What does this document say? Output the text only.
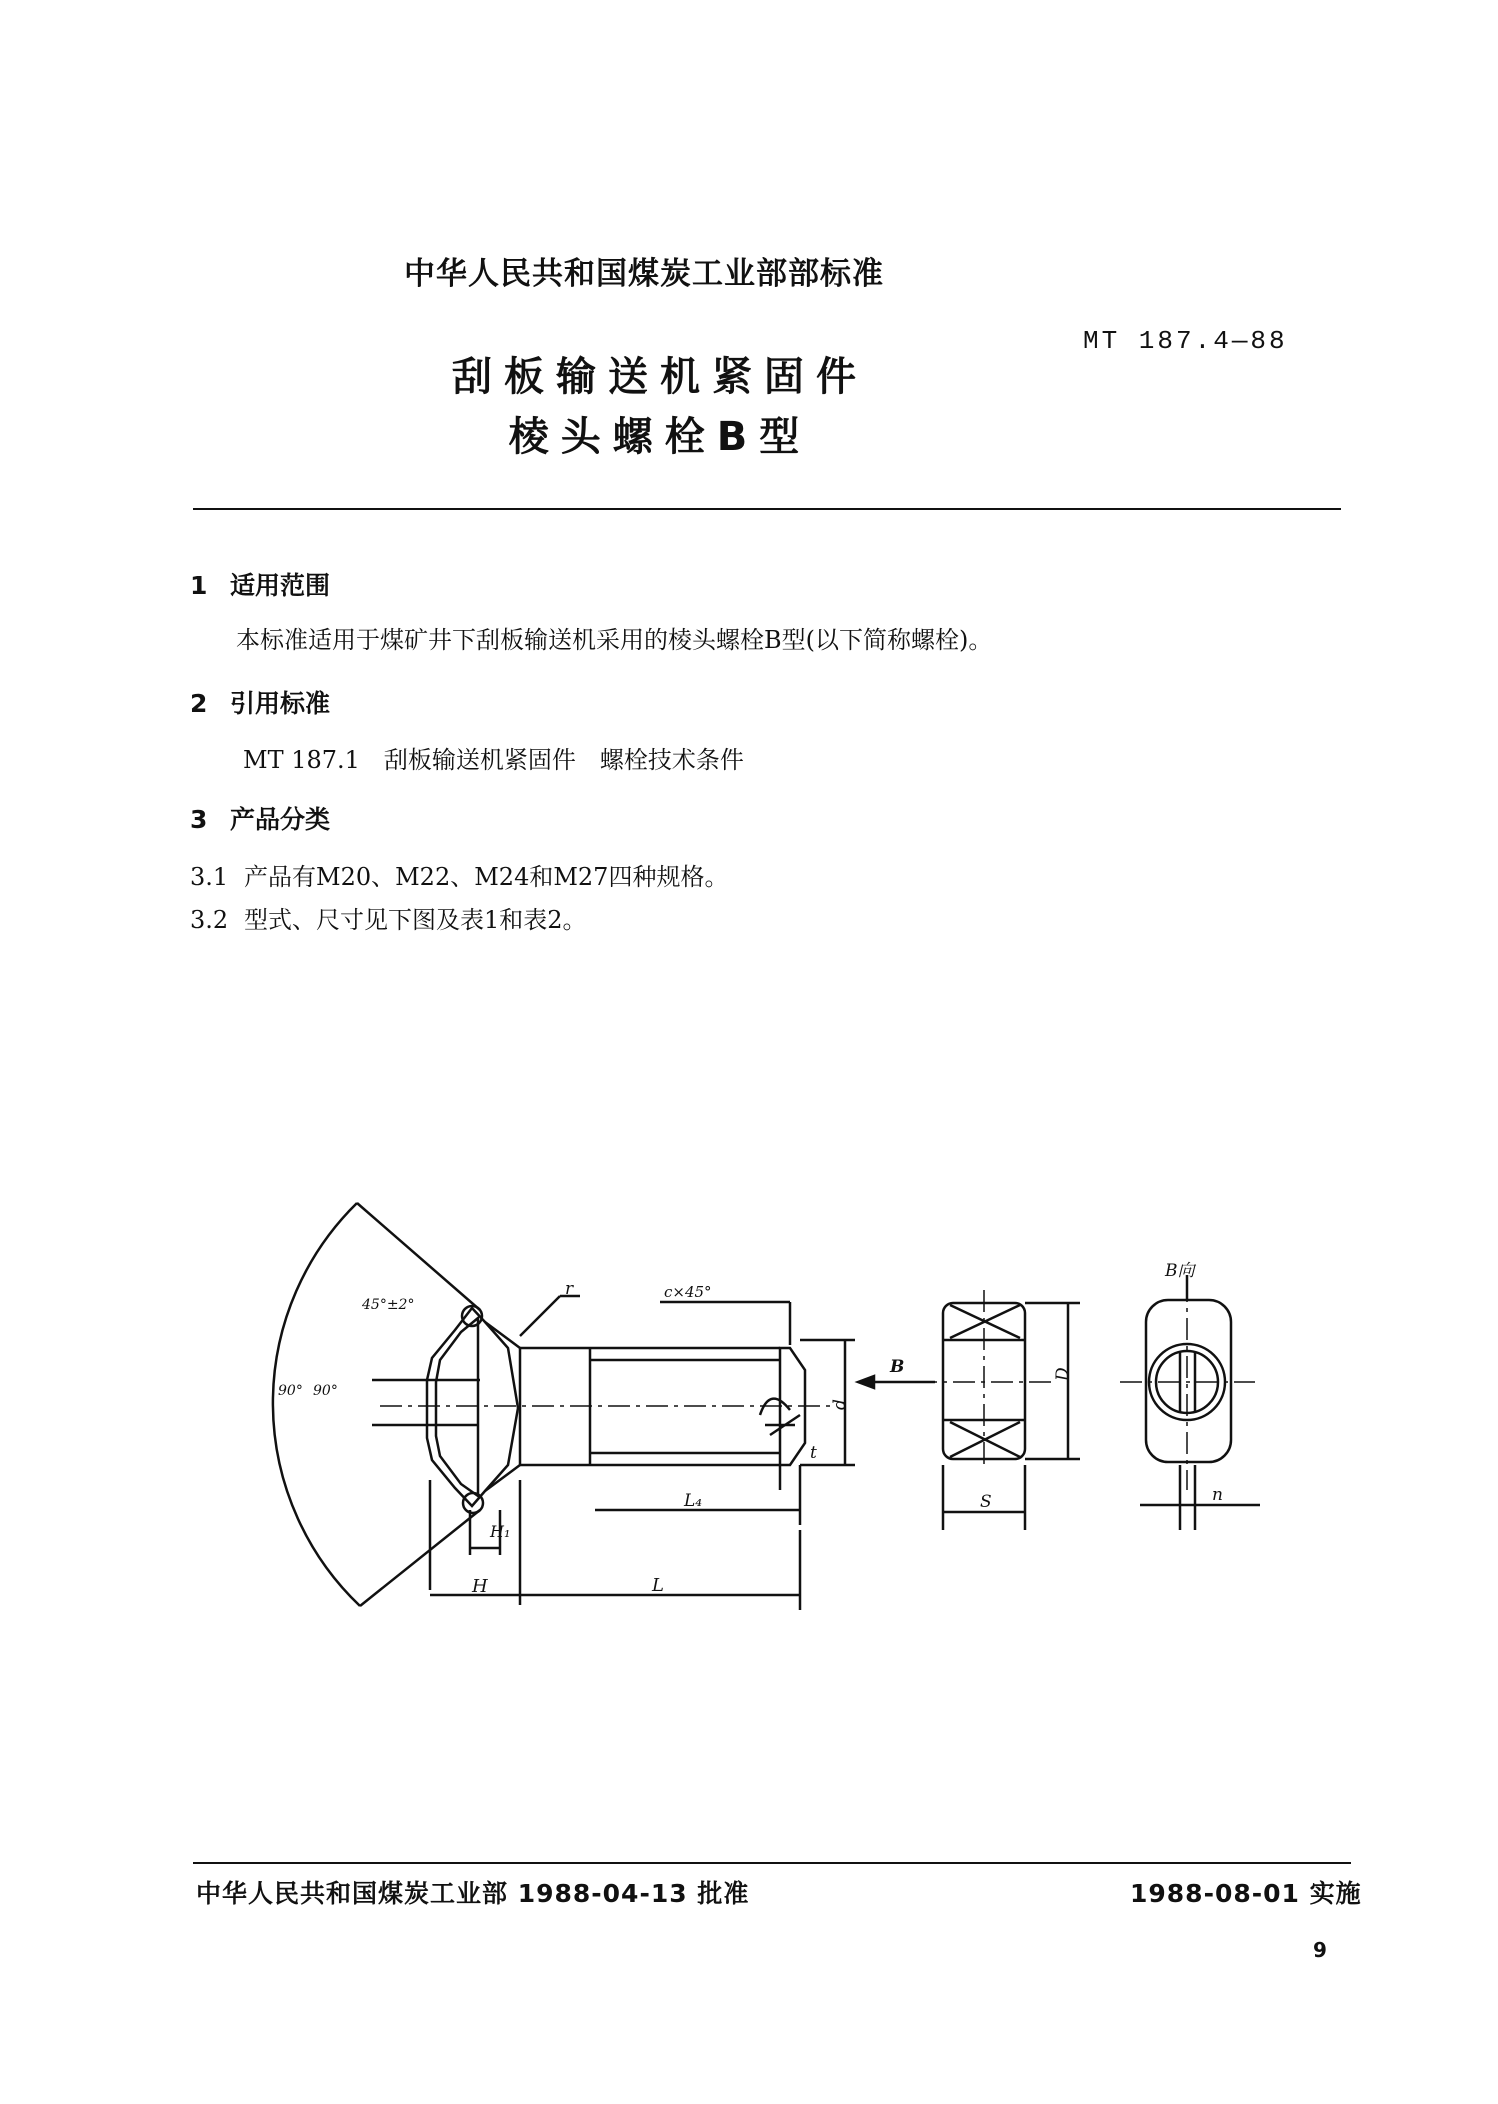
中华人民共和国煤炭工业部部标准
MT 187.4—88
刮板输送机紧固件
棱头螺栓B型
1 适用范围
本标准适用于煤矿井下刮板输送机采用的棱头螺栓B型(以下简称螺栓)。
2 引用标准
MT 187.1　刮板输送机紧固件　螺栓技术条件
3 产品分类
3.1 产品有M20、M22、M24和M27四种规格。
3.2 型式、尺寸见下图及表1和表2。
45°±2°
90° 90°
r	c×45°
d
t
L₄
L
H
H₁
B	D
S
B向
n
中华人民共和国煤炭工业部 1988-04-13 批准	1988-08-01 实施
9
